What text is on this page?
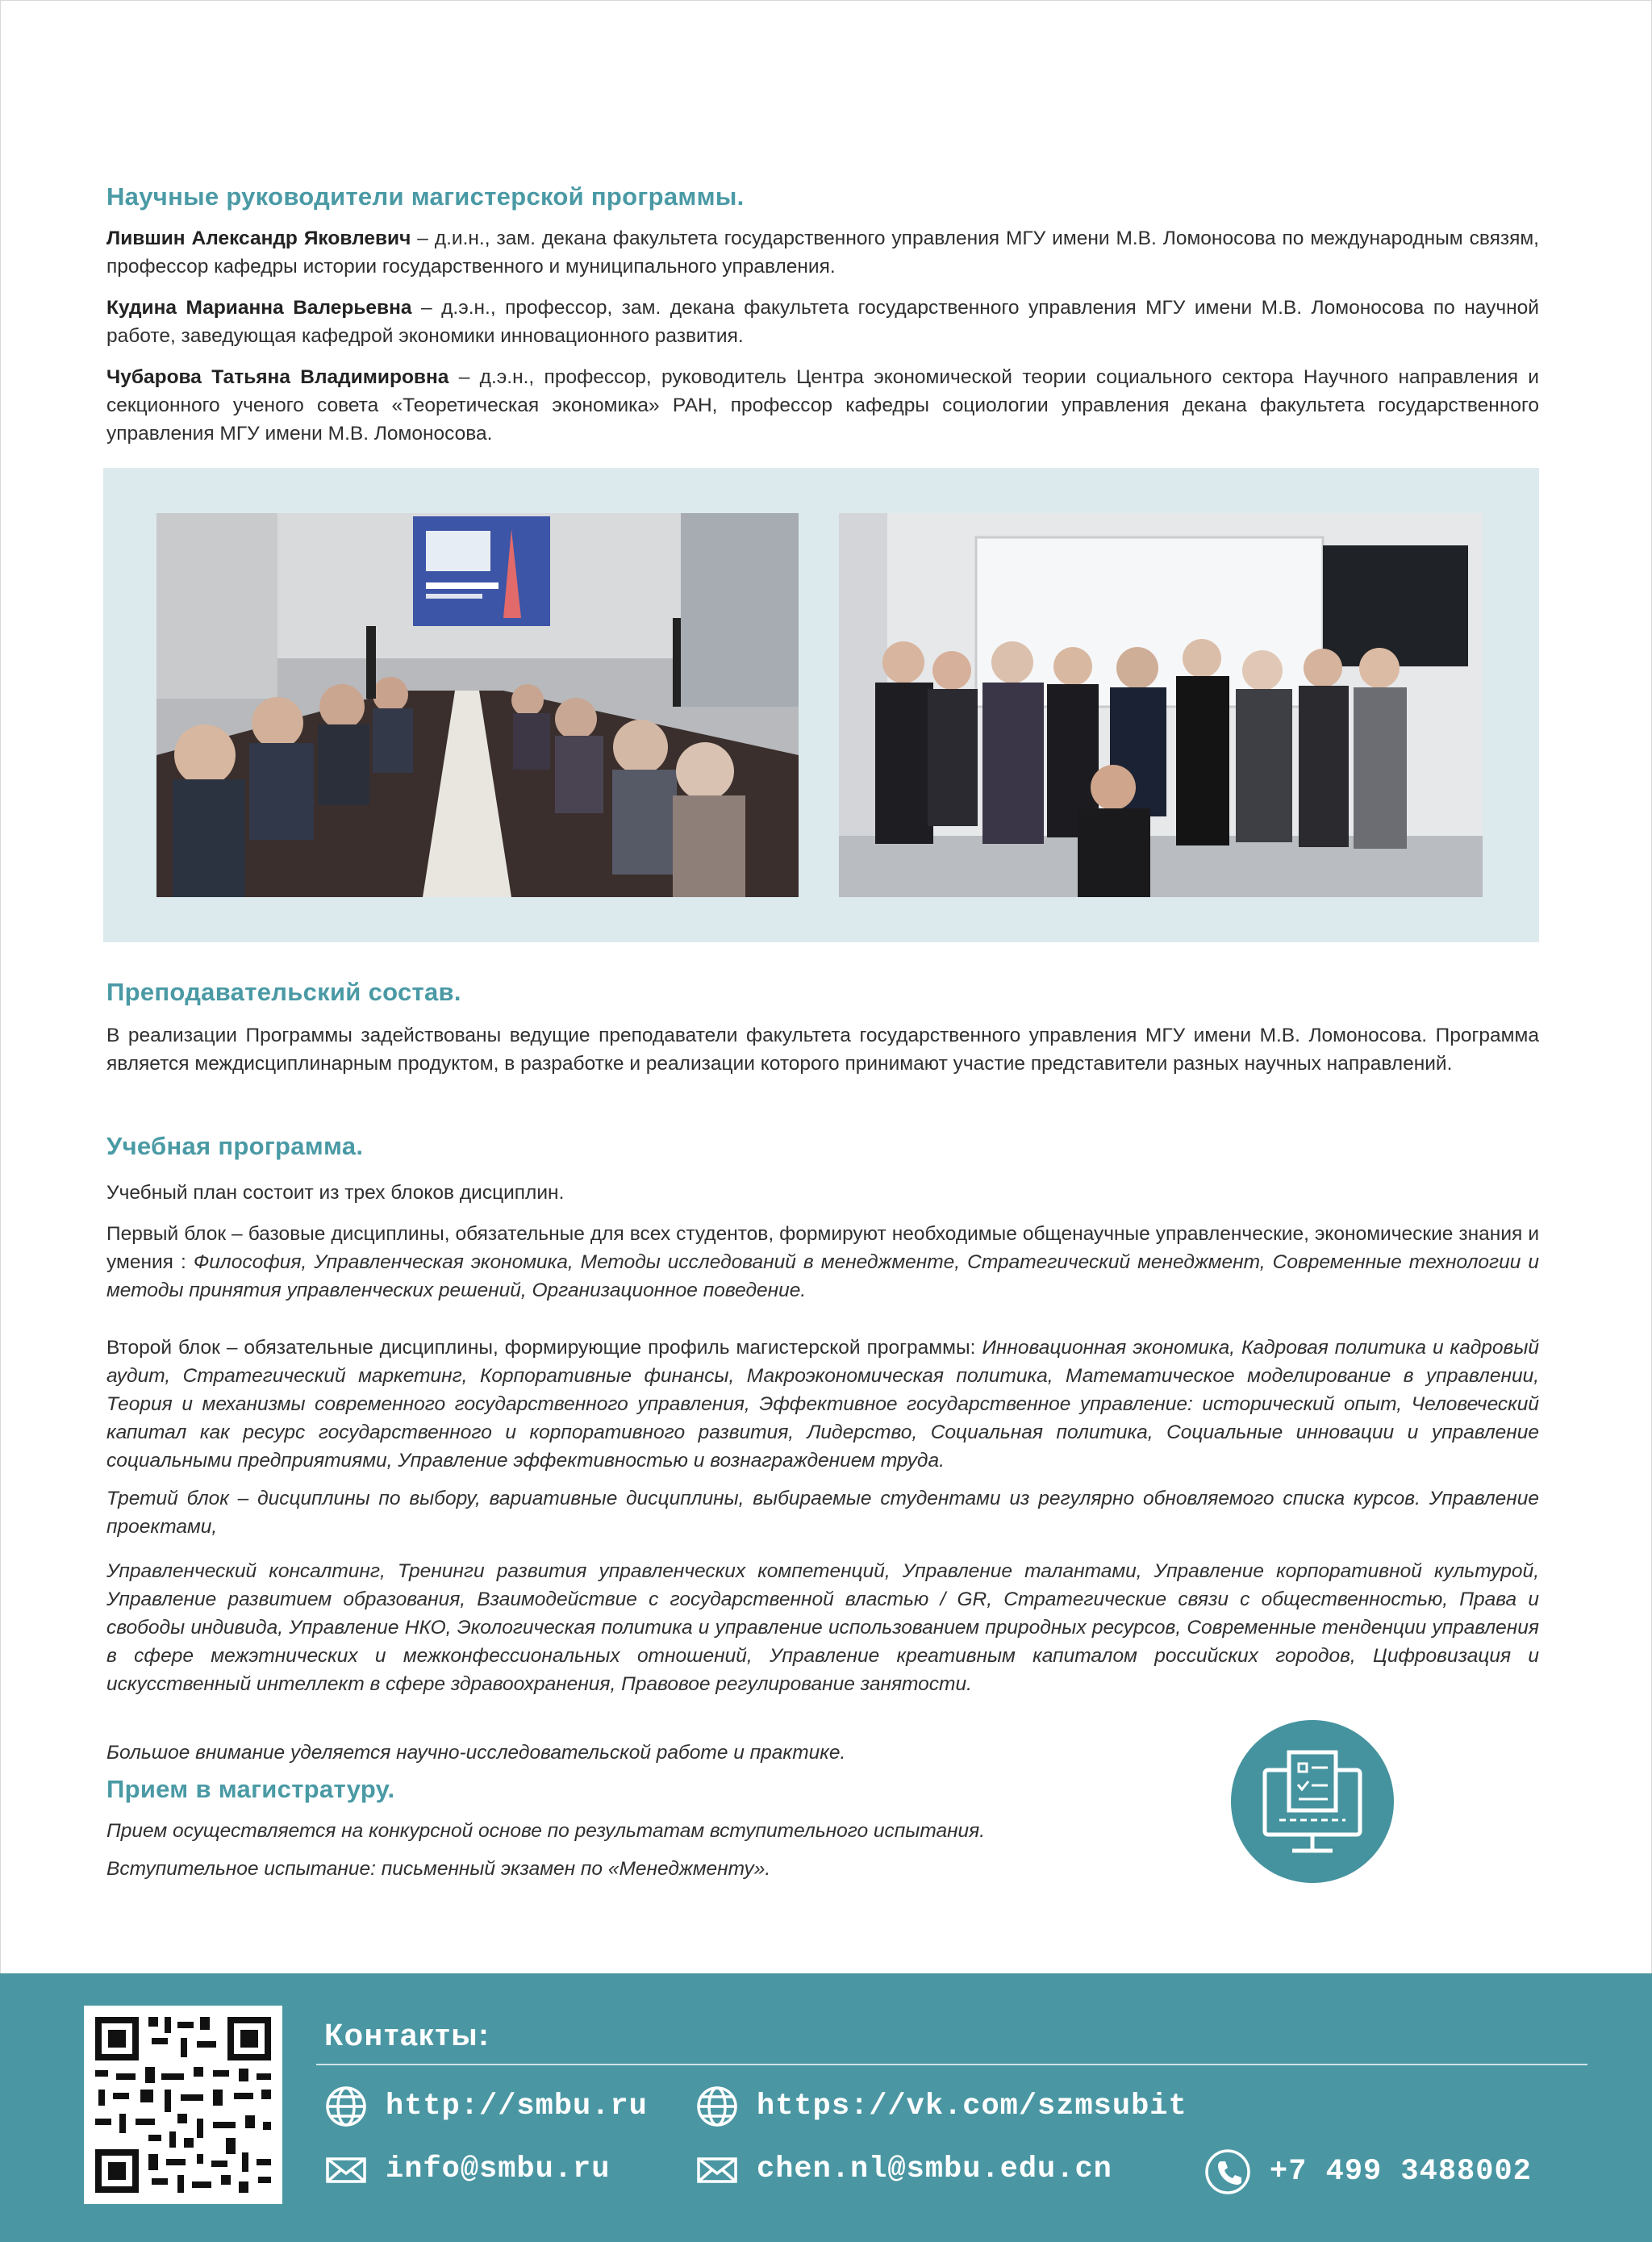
Научные руководители магистерской программы.

Лившин Александр Яковлевич – д.и.н., зам. декана факультета государственного управления МГУ имени М.В. Ломоносова по международным связям, профессор кафедры истории государственного и муниципального управления.

Кудина Марианна Валерьевна – д.э.н., профессор, зам. декана факультета государственного управления МГУ имени М.В. Ломоносова по научной работе, заведующая кафедрой экономики инновационного развития.

Чубарова Татьяна Владимировна – д.э.н., профессор, руководитель Центра экономической теории социального сектора Научного направления и секционного ученого совета «Теоретическая экономика» РАН, профессор кафедры социологии управления декана факультета государственного управления МГУ имени М.В. Ломоносова.

Преподавательский состав.

В реализации Программы задействованы ведущие преподаватели факультета государственного управления МГУ имени М.В. Ломоносова. Программа является междисциплинарным продуктом, в разработке и реализации которого принимают участие представители разных научных направлений.

Учебная программа.

Учебный план состоит из трех блоков дисциплин.

Первый блок – базовые дисциплины, обязательные для всех студентов, формируют необходимые общенаучные управленческие, экономические знания и умения : Философия, Управленческая экономика, Методы исследований в менеджменте, Стратегический менеджмент, Современные технологии и методы принятия управленческих решений, Организационное поведение.

Второй блок – обязательные дисциплины, формирующие профиль магистерской программы: Инновационная экономика, Кадровая политика и кадровый аудит, Стратегический маркетинг, Корпоративные финансы, Макроэкономическая политика, Математическое моделирование в управлении, Теория и механизмы современного государственного управления, Эффективное государственное управление: исторический опыт, Человеческий капитал как ресурс государственного и корпоративного развития, Лидерство, Социальная политика, Социальные инновации и управление социальными предприятиями, Управление эффективностью и вознаграждением труда.

Третий блок – дисциплины по выбору, вариативные дисциплины, выбираемые студентами из регулярно обновляемого списка курсов. Управление проектами,

Управленческий консалтинг, Тренинги развития управленческих компетенций, Управление талантами, Управление корпоративной культурой, Управление развитием образования, Взаимодействие с государственной властью / GR, Стратегические связи с общественностью, Права и свободы индивида, Управление НКО, Экологическая политика и управление использованием природных ресурсов, Современные тенденции управления в сфере межэтнических и межконфессиональных отношений, Управление креативным капиталом российских городов, Цифровизация и искусственный интеллект в сфере здравоохранения, Правовое регулирование занятости.

Большое внимание уделяется научно-исследовательской работе и практике.

Прием в магистратуру.

Прием осуществляется на конкурсной основе по результатам вступительного испытания.

Вступительное испытание: письменный экзамен по «Менеджменту».

Контакты:
http://smbu.ru	https://vk.com/szmsubit
info@smbu.ru	chen.nl@smbu.edu.cn	+7 499 3488002
